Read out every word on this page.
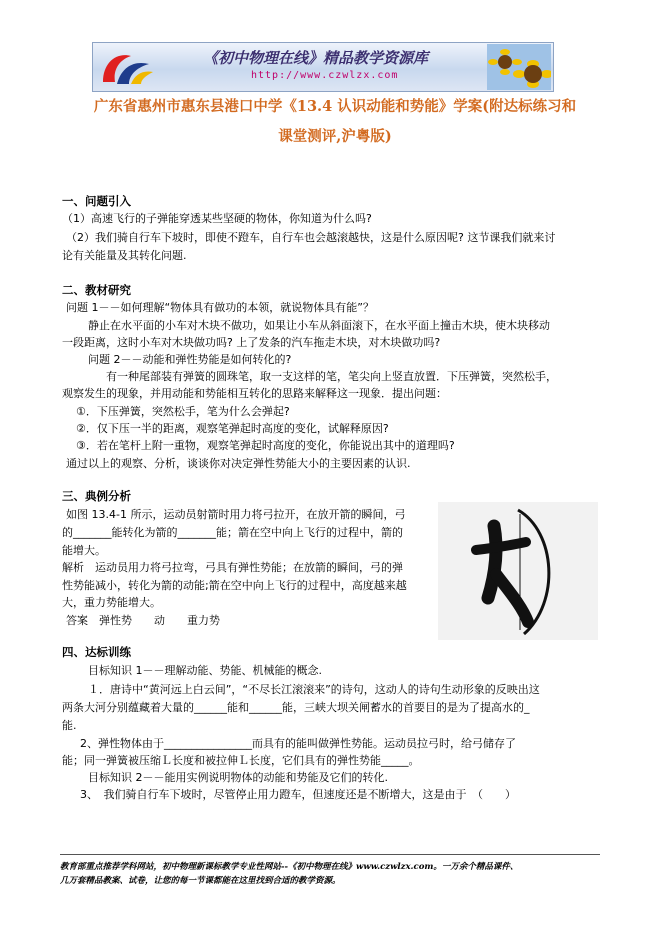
《初中物理在线》精品教学资源库
http://www.czwlzx.com
广东省惠州市惠东县港口中学《13.4 认识动能和势能》学案(附达标练习和
课堂测评,沪粤版)
一、问题引入
（1）高速飞行的子弹能穿透某些坚硬的物体，你知道为什么吗?
（2）我们骑自行车下坡时，即使不蹬车，自行车也会越滚越快，这是什么原因呢? 这节课我们就来讨
论有关能量及其转化问题.
二、教材研究
问题 1－－如何理解“物体具有做功的本领，就说物体具有能”？
静止在水平面的小车对木块不做功，如果让小车从斜面滚下，在水平面上撞击木块，使木块移动
一段距离，这时小车对木块做功吗? 上了发条的汽车拖走木块，对木块做功吗?
问题 2－－动能和弹性势能是如何转化的?
有一种尾部装有弹簧的圆珠笔，取一支这样的笔，笔尖向上竖直放置．下压弹簧，突然松手，
观察发生的现象，并用动能和势能相互转化的思路来解释这一现象．提出问题：
①．下压弹簧，突然松手，笔为什么会弹起?
②．仅下压一半的距离，观察笔弹起时高度的变化，试解释原因?
③．若在笔杆上附一重物，观察笔弹起时高度的变化，你能说出其中的道理吗?
通过以上的观察、分析，谈谈你对决定弹性势能大小的主要因素的认识.
三、典例分析
如图 13.4-1 所示，运动员射箭时用力将弓拉开，在放开箭的瞬间，弓
的_______能转化为箭的_______能；箭在空中向上飞行的过程中，箭的
能增大。
解析　运动员用力将弓拉弯，弓具有弹性势能；在放箭的瞬间，弓的弹
性势能减小，转化为箭的动能;箭在空中向上飞行的过程中，高度越来越
大，重力势能增大。
答案　弹性势　　动　　重力势
四、达标训练
目标知识 1－－理解动能、势能、机械能的概念.
１．唐诗中“黄河远上白云间”，“不尽长江滚滚来”的诗句，这动人的诗句生动形象的反映出这
两条大河分别蕴藏着大量的______能和______能，三峡大坝关闸蓄水的首要目的是为了提高水的_
能.
2、弹性物体由于________________而具有的能叫做弹性势能。运动员拉弓时，给弓储存了
能；同一弹簧被压缩Ｌ长度和被拉伸Ｌ长度，它们具有的弹性势能_____。
目标知识 2－－能用实例说明物体的动能和势能及它们的转化.
3、　我们骑自行车下坡时，尽管停止用力蹬车，但速度还是不断增大，这是由于　（　　）
教育部重点推荐学科网站，初中物理新课标教学专业性网站--《初中物理在线》www.czwlzx.com。一万余个精品课件、
几万套精品教案、试卷，让您的每一节课都能在这里找到合适的教学资源。
